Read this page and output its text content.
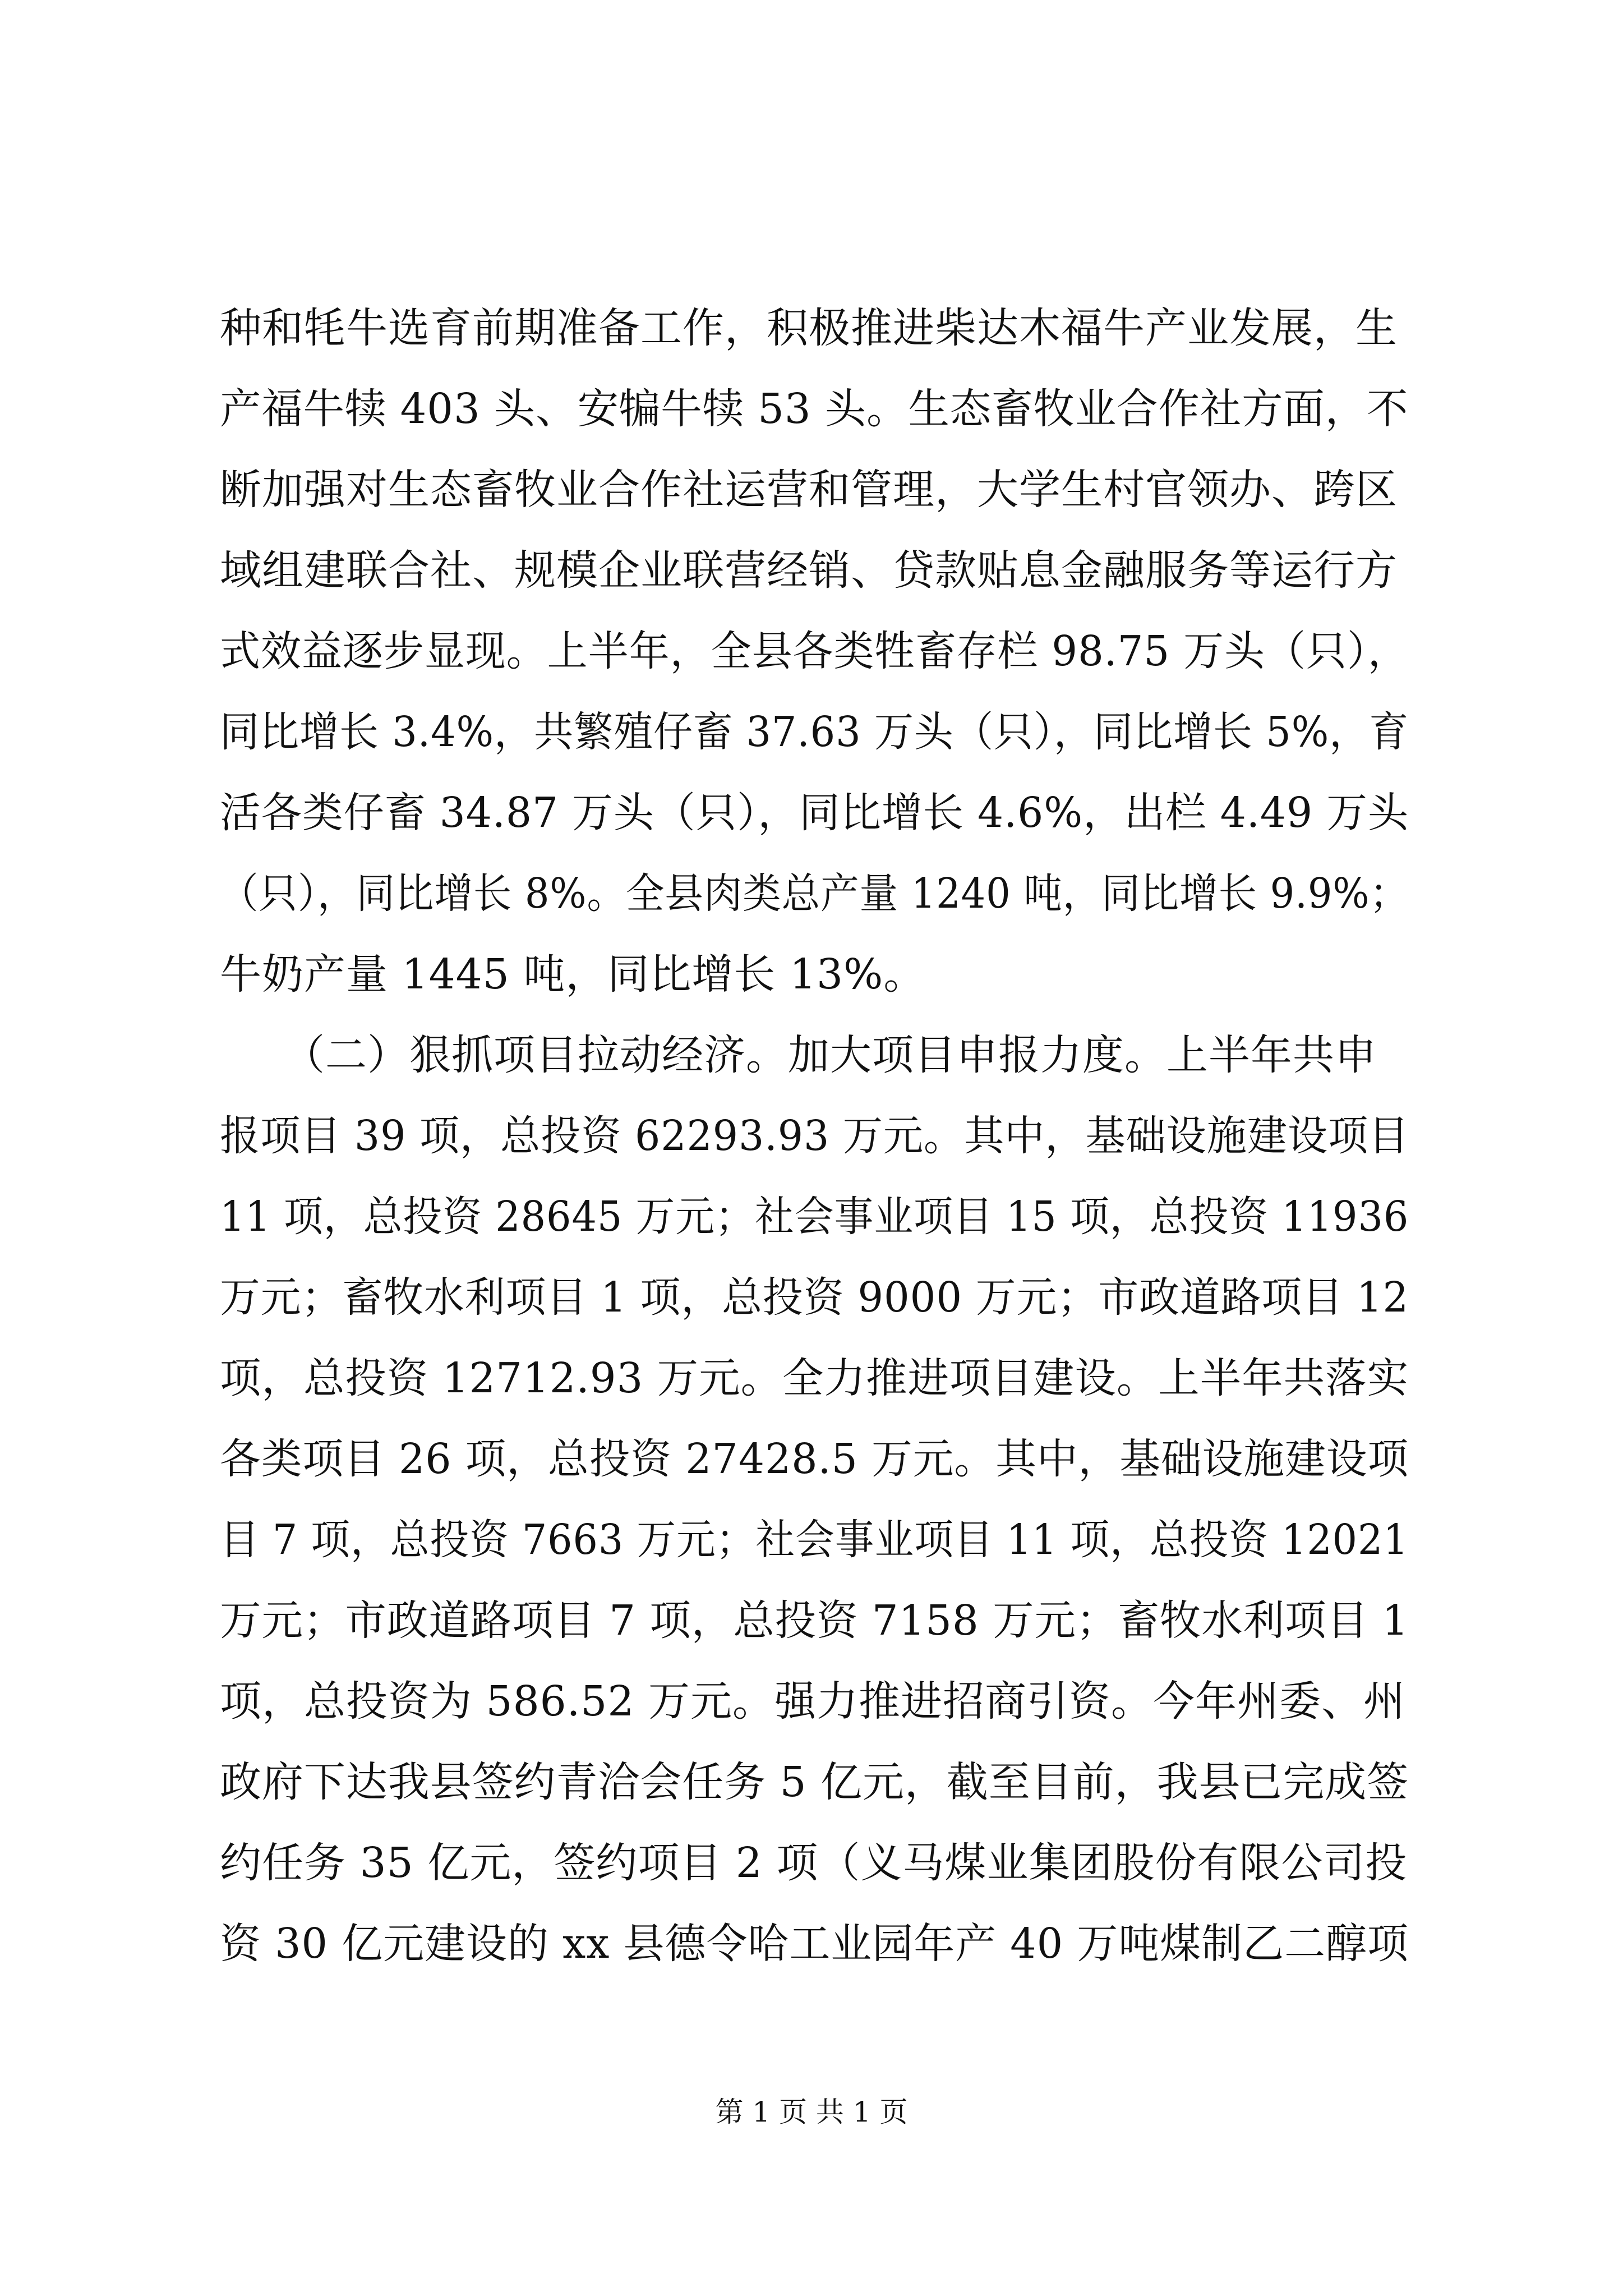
种和牦牛选育前期准备工作，积极推进柴达木福牛产业发展，生
产福牛犊 403 头、安犏牛犊 53 头。生态畜牧业合作社方面，不
断加强对生态畜牧业合作社运营和管理，大学生村官领办、跨区
域组建联合社、规模企业联营经销、贷款贴息金融服务等运行方
式效益逐步显现。上半年，全县各类牲畜存栏 98.75 万头（只），
同比增长 3.4%，共繁殖仔畜 37.63 万头（只），同比增长 5%，育
活各类仔畜 34.87 万头（只），同比增长 4.6%，出栏 4.49 万头
（只），同比增长 8%。全县肉类总产量 1240 吨，同比增长 9.9%；
牛奶产量 1445 吨，同比增长 13%。
　　（二）狠抓项目拉动经济。加大项目申报力度。上半年共申
报项目 39 项，总投资 62293.93 万元。其中，基础设施建设项目
11 项，总投资 28645 万元；社会事业项目 15 项，总投资 11936
万元；畜牧水利项目 1 项，总投资 9000 万元；市政道路项目 12
项，总投资 12712.93 万元。全力推进项目建设。上半年共落实
各类项目 26 项，总投资 27428.5 万元。其中，基础设施建设项
目 7 项，总投资 7663 万元；社会事业项目 11 项，总投资 12021
万元；市政道路项目 7 项，总投资 7158 万元；畜牧水利项目 1
项，总投资为 586.52 万元。强力推进招商引资。今年州委、州
政府下达我县签约青洽会任务 5 亿元，截至目前，我县已完成签
约任务 35 亿元，签约项目 2 项（义马煤业集团股份有限公司投
资 30 亿元建设的 xx 县德令哈工业园年产 40 万吨煤制乙二醇项
第 1 页 共 1 页
